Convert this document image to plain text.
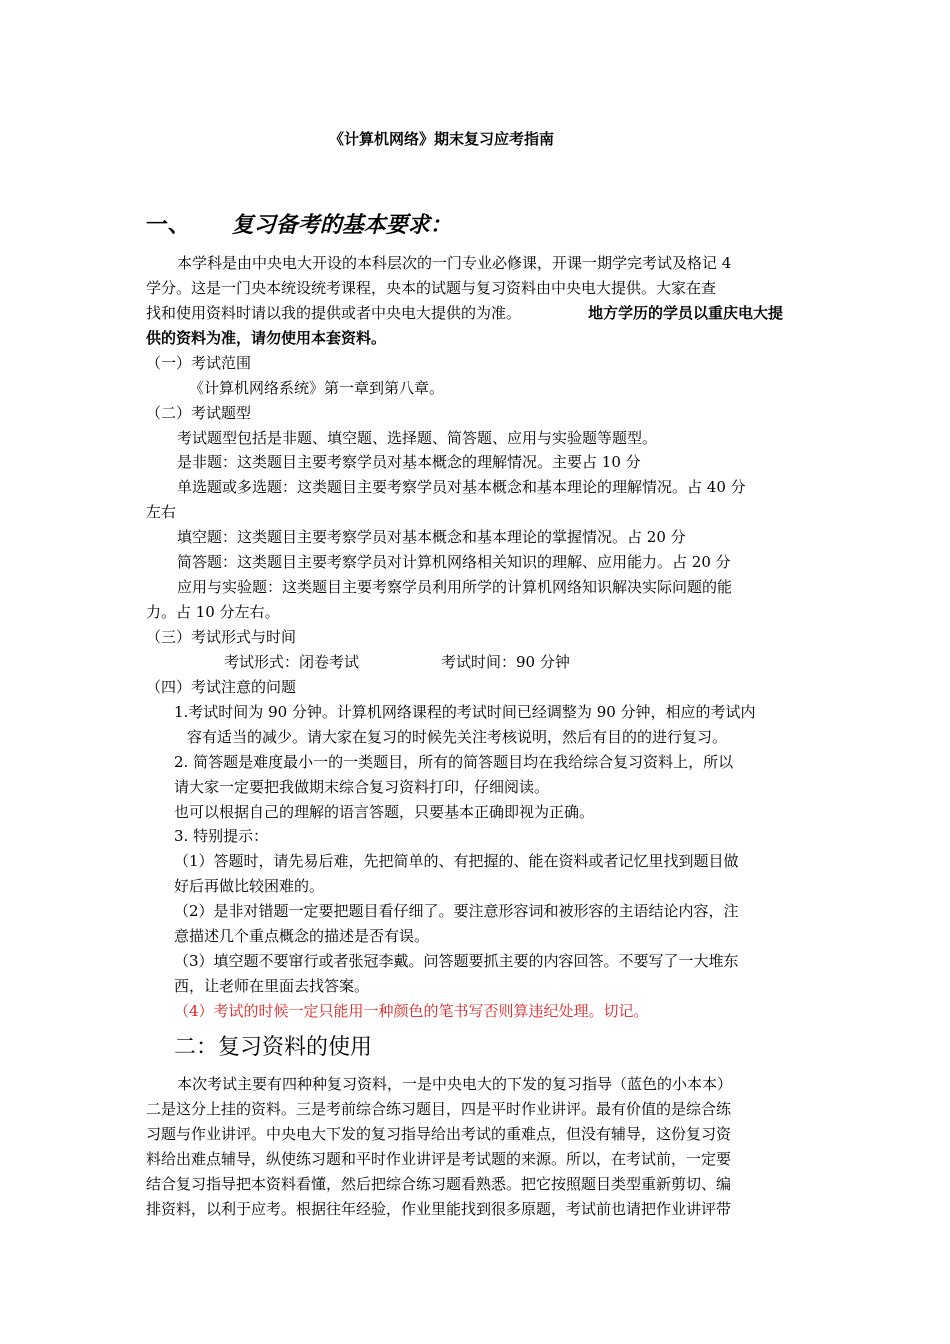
《计算机网络》期末复习应考指南
一、 复习备考的基本要求：
本学科是由中央电大开设的本科层次的一门专业必修课，开课一期学完考试及格记 4
学分。这是一门央本统设统考课程，央本的试题与复习资料由中央电大提供。大家在查
找和使用资料时请以我的提供或者中央电大提供的为准。	地方学历的学员以重庆电大提
供的资料为准，请勿使用本套资料。
（一）考试范围
《计算机网络系统》第一章到第八章。
（二）考试题型
考试题型包括是非题、填空题、选择题、简答题、应用与实验题等题型。
是非题：这类题目主要考察学员对基本概念的理解情况。主要占 10 分
单选题或多选题：这类题目主要考察学员对基本概念和基本理论的理解情况。占 40 分
左右
填空题：这类题目主要考察学员对基本概念和基本理论的掌握情况。占 20 分
简答题：这类题目主要考察学员对计算机网络相关知识的理解、应用能力。占 20 分
应用与实验题：这类题目主要考察学员利用所学的计算机网络知识解决实际问题的能
力。占 10 分左右。
（三）考试形式与时间
考试形式：闭卷考试	考试时间：90 分钟
（四）考试注意的问题
1.考试时间为 90 分钟。计算机网络课程的考试时间已经调整为 90 分钟，相应的考试内
容有适当的减少。请大家在复习的时候先关注考核说明，然后有目的的进行复习。
2. 简答题是难度最小一的一类题目，所有的简答题目均在我给综合复习资料上，所以
请大家一定要把我做期末综合复习资料打印，仔细阅读。
也可以根据自己的理解的语言答题，只要基本正确即视为正确。
3. 特别提示：
（1）答题时，请先易后难，先把简单的、有把握的、能在资料或者记忆里找到题目做
好后再做比较困难的。
（2）是非对错题一定要把题目看仔细了。要注意形容词和被形容的主语结论内容，注
意描述几个重点概念的描述是否有误。
（3）填空题不要窜行或者张冠李戴。问答题要抓主要的内容回答。不要写了一大堆东
西，让老师在里面去找答案。
（4）考试的时候一定只能用一种颜色的笔书写否则算违纪处理。切记。
二：复习资料的使用
本次考试主要有四种种复习资料，一是中央电大的下发的复习指导（蓝色的小本本）
二是这分上挂的资料。三是考前综合练习题目，四是平时作业讲评。最有价值的是综合练
习题与作业讲评。中央电大下发的复习指导给出考试的重难点，但没有辅导，这份复习资
料给出难点辅导，纵使练习题和平时作业讲评是考试题的来源。所以，在考试前，一定要
结合复习指导把本资料看懂，然后把综合练习题看熟悉。把它按照题目类型重新剪切、编
排资料，以利于应考。根据往年经验，作业里能找到很多原题，考试前也请把作业讲评带
